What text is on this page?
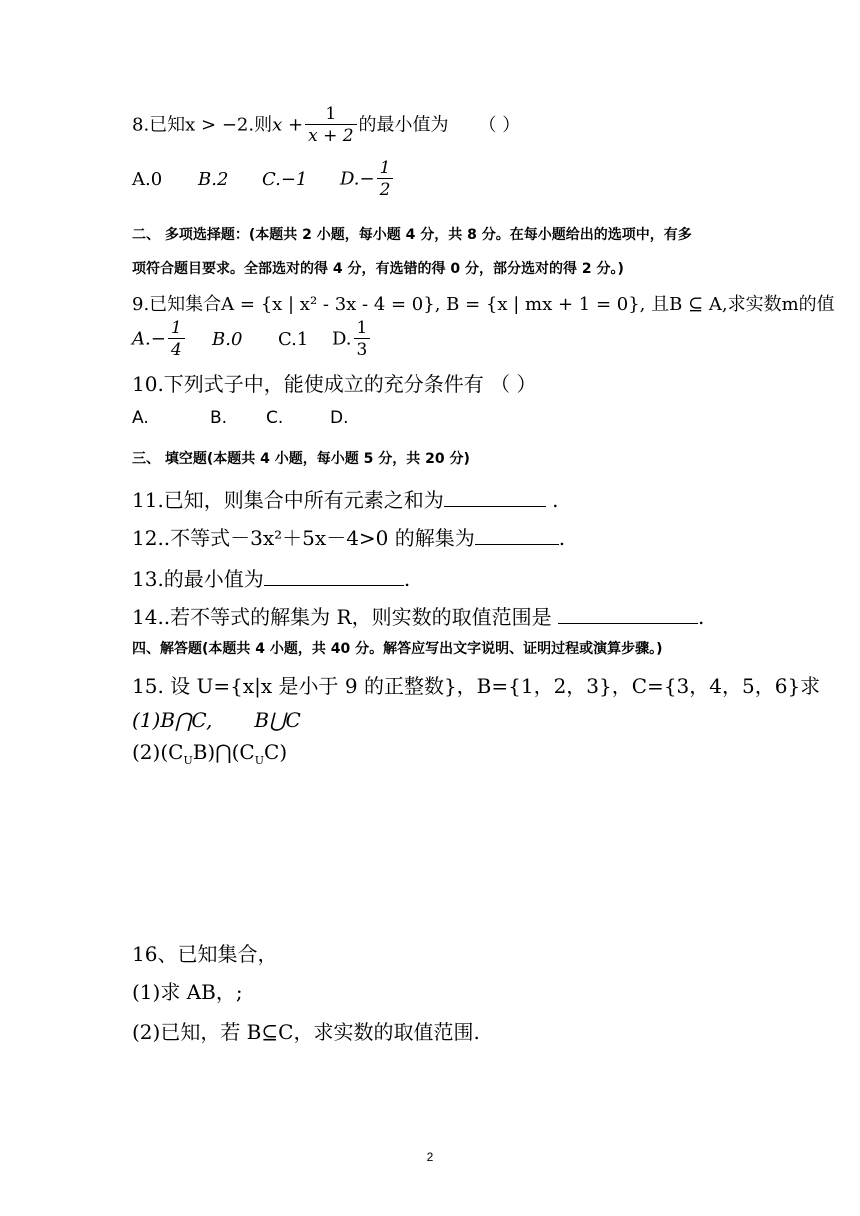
8.已知x > −2.则$x + \frac{1}{x + 2}$ 的最小值为 （ ）
A.0 B.2 C.−1 $D.- \frac{1}{2}$
二、 多项选择题：(本题共 2 小题，每小题 4 分，共 8 分。在每小题给出的选项中，有多
项符合题目要求。全部选对的得 4 分，有选错的得 0 分，部分选对的得 2 分。)
9.已知集合A = {x | x² - 3x - 4 = 0}, B = {x | mx + 1 = 0}, 且B ⊆ A,求实数m的值
$A.- \frac{1}{4} B.0$ C.1 D. $\frac{1}{3}$
10.下列式子中，能使成立的充分条件有 （ ）
A.	B. C.	D.
三、 填空题(本题共 4 小题，每小题 5 分，共 20 分)
11.已知，则集合中所有元素之和为	.
12..不等式－3x²＋5x－4>0 的解集为	.
13.的最小值为	.
14..若不等式的解集为 R，则实数的取值范围是	.
四、解答题(本题共 4 小题，共 40 分。解答应写出文字说明、证明过程或演算步骤。)
15. 设 U={x|x 是小于 9 的正整数}，B={1，2，3}，C={3，4，5，6}求
(1)B⋂C, B⋃C
$(2)(C_UB)⋂(C_UC)$
16、已知集合，
(1)求 AB，;
(2)已知，若 B⊆C，求实数的取值范围.
2
